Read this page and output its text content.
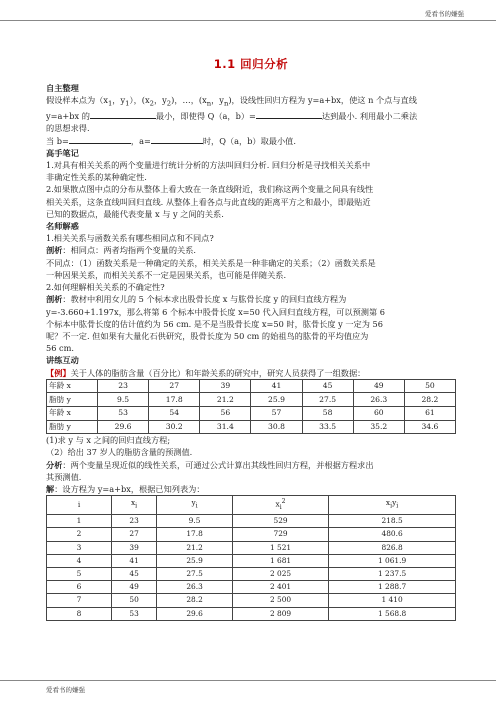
爱看书的嫌强
1.1 回归分析
自主整理

假设样本点为（$x_1$，$y_1$），($x_2$，$y_2$)，…，($x_n$，$y_n$)，设线性回归方程为 y=a+bx，使这 n 个点与直线

y=a+bx 的	最小，即使得 Q（a，b）=	达到最小. 利用最小二乘法

的思想求得.

当 b=	，a=	时，Q（a，b）取最小值.

高手笔记

1.对具有相关关系的两个变量进行统计分析的方法叫回归分析. 回归分析是寻找相关关系中

非确定性关系的某种确定性.

2.如果散点图中点的分布从整体上看大致在一条直线附近，我们称这两个变量之间具有线性

相关关系，这条直线叫回归直线. 从整体上看各点与此直线的距离平方之和最小，即最贴近

已知的数据点，最能代表变量 x 与 y 之间的关系.

名师解惑

1.相关关系与函数关系有哪些相同点和不同点?

剖析：相同点：两者均指两个变量的关系.

不同点：（1）函数关系是一种确定的关系，相关关系是一种非确定的关系；（2）函数关系是

一种因果关系，而相关关系不一定是因果关系，也可能是伴随关系.

2.如何理解相关关系的不确定性?

剖析：教材中利用女儿的 5 个标本求出股骨长度 x 与肱骨长度 y 的回归直线方程为

y=-3.660+1.197x，那么将第 6 个标本中股骨长度 x=50 代入回归直线方程，可以预测第 6

个标本中肱骨长度的估计值约为 56 cm. 是不是当股骨长度 x=50 时，肱骨长度 y 一定为 56

呢？不一定. 但如果有大量化石供研究，股骨长度为 50 cm 的始祖鸟的肱骨的平均值应为

56 cm.

讲练互动

【例】关于人体的脂肪含量（百分比）和年龄关系的研究中，研究人员获得了一组数据：

年龄 x	23	27	39	41	45	49	50
脂肪 y	9.5	17.8	21.2	25.9	27.5	26.3	28.2
年龄 x	53	54	56	57	58	60	61
脂肪 y	29.6	30.2	31.4	30.8	33.5	35.2	34.6

(1)求 y 与 x 之间的回归直线方程;

（2）给出 37 岁人的脂肪含量的预测值.

分析：两个变量呈现近似的线性关系，可通过公式计算出其线性回归方程，并根据方程求出

其预测值.

解：设方程为 y=a+bx，根据已知列表为：

i	$x_i$	$y_i$	$x_i^2$	$x_iy_i$
1	23	9.5	529	218.5
2	27	17.8	729	480.6
3	39	21.2	1 521	826.8
4	41	25.9	1 681	1 061.9
5	45	27.5	2 025	1 237.5
6	49	26.3	2 401	1 288.7
7	50	28.2	2 500	1 410
8	53	29.6	2 809	1 568.8
爱看书的嫌强
